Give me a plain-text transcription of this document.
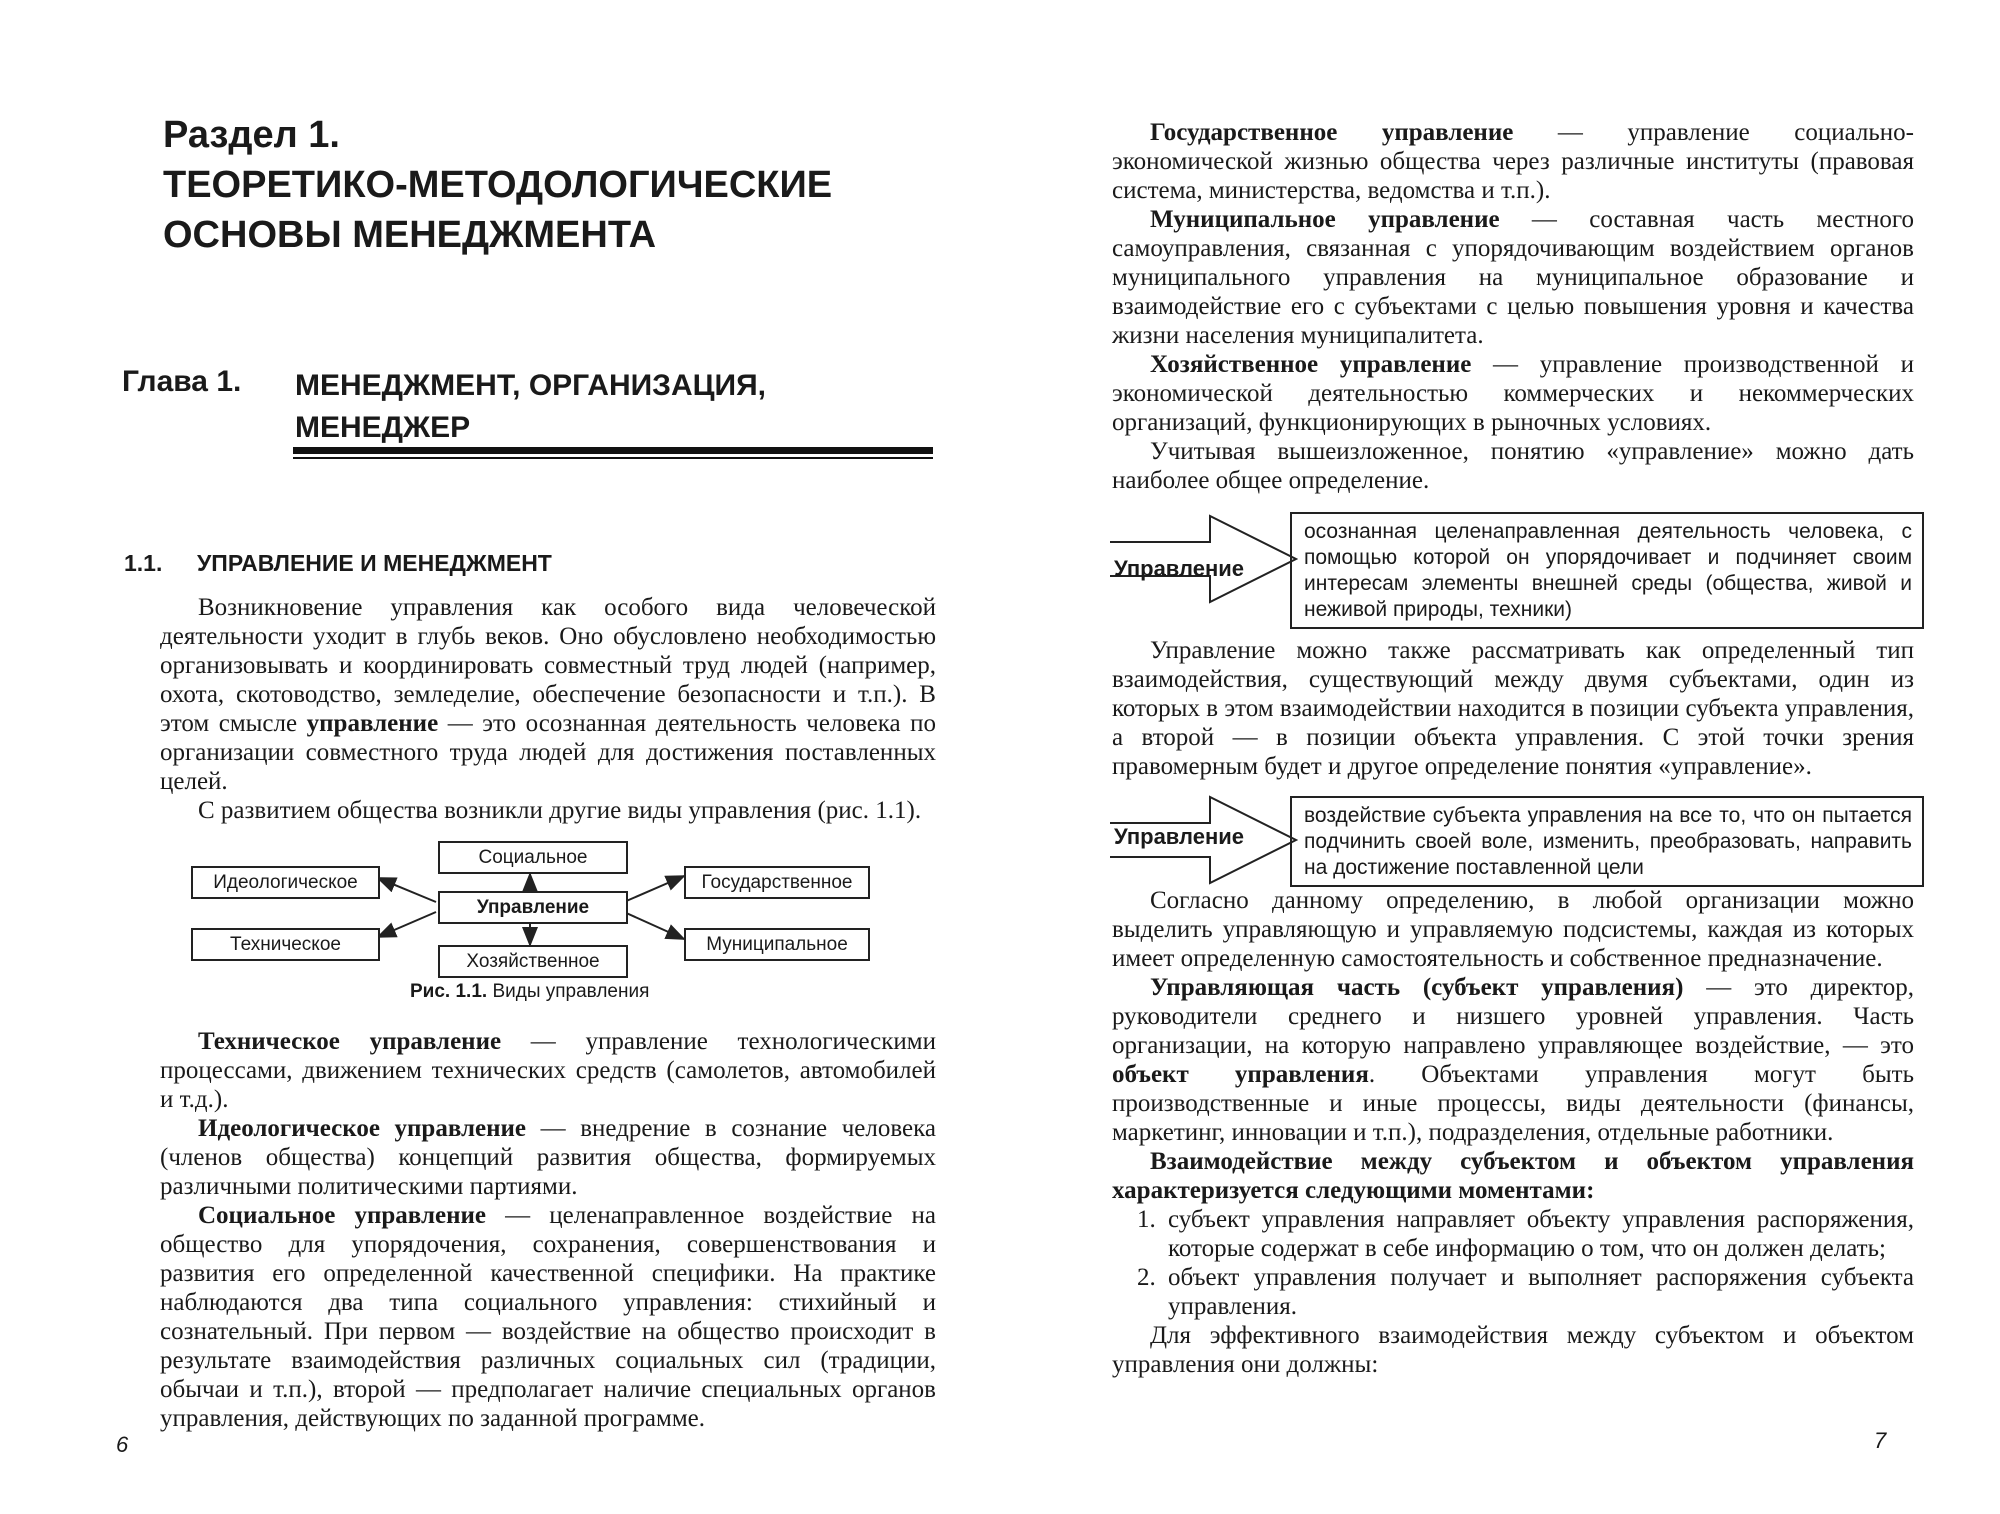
Раздел 1.
ТЕОРЕТИКО-МЕТОДОЛОГИЧЕСКИЕ
ОСНОВЫ МЕНЕДЖМЕНТА
Глава 1. МЕНЕДЖМЕНТ, ОРГАНИЗАЦИЯ,
МЕНЕДЖЕР
1.1. УПРАВЛЕНИЕ И МЕНЕДЖМЕНТ

Возникновение управления как особого вида человеческой деятельности уходит в глубь веков. Оно обусловлено необходимостью организовывать и координировать совместный труд людей (например, охота, скотоводство, земледелие, обеспечение безопасности и т.п.). В этом смысле управление — это осознанная деятельность человека по организации совместного труда людей для достижения поставленных целей.

С развитием общества возникли другие виды управления (рис. 1.1).

Управление
Социальное
Хозяйственное
Идеологическое
Техническое
Государственное
Муниципальное
Рис. 1.1. Виды управления

Техническое управление — управление технологическими процессами, движением технических средств (самолетов, автомобилей и т.д.).

Идеологическое управление — внедрение в сознание человека (членов общества) концепций развития общества, формируемых различными политическими партиями.

Социальное управление — целенаправленное воздействие на общество для упорядочения, сохранения, совершенствования и развития его определенной качественной специфики. На практике наблюдаются два типа социального управления: стихийный и сознательный. При первом — воздействие на общество происходит в результате взаимодействия различных социальных сил (традиции, обычаи и т.п.), второй — предполагает наличие специальных органов управления, действующих по заданной программе.

6

Государственное управление — управление социально-экономической жизнью общества через различные институты (правовая система, министерства, ведомства и т.п.).

Муниципальное управление — составная часть местного самоуправления, связанная с упорядочивающим воздействием органов муниципального управления на муниципальное образование и взаимодействие его с субъектами с целью повышения уровня и качества жизни населения муниципалитета.

Хозяйственное управление — управление производственной и экономической деятельностью коммерческих и некоммерческих организаций, функционирующих в рыночных условиях.

Учитывая вышеизложенное, понятию «управление» можно дать наиболее общее определение.

Управление
осознанная целенаправленная деятельность человека, с помощью которой он упорядочивает и подчиняет своим интересам элементы внешней среды (общества, живой и неживой природы, техники)

Управление можно также рассматривать как определенный тип взаимодействия, существующий между двумя субъектами, один из которых в этом взаимодействии находится в позиции субъекта управления, а второй — в позиции объекта управления. С этой точки зрения правомерным будет и другое определение понятия «управление».

Управление
воздействие субъекта управления на все то, что он пытается подчинить своей воле, изменить, преобразовать, направить на достижение поставленной цели

Согласно данному определению, в любой организации можно выделить управляющую и управляемую подсистемы, каждая из которых имеет определенную самостоятельность и собственное предназначение.

Управляющая часть (субъект управления) — это директор, руководители среднего и низшего уровней управления. Часть организации, на которую направлено управляющее воздействие, — это объект управления. Объектами управления могут быть производственные и иные процессы, виды деятельности (финансы, маркетинг, инновации и т.п.), подразделения, отдельные работники.

Взаимодействие между субъектом и объектом управления характеризуется следующими моментами:

1. субъект управления направляет объекту управления распоряжения, которые содержат в себе информацию о том, что он должен делать;
2. объект управления получает и выполняет распоряжения субъекта управления.

Для эффективного взаимодействия между субъектом и объектом управления они должны:

7
